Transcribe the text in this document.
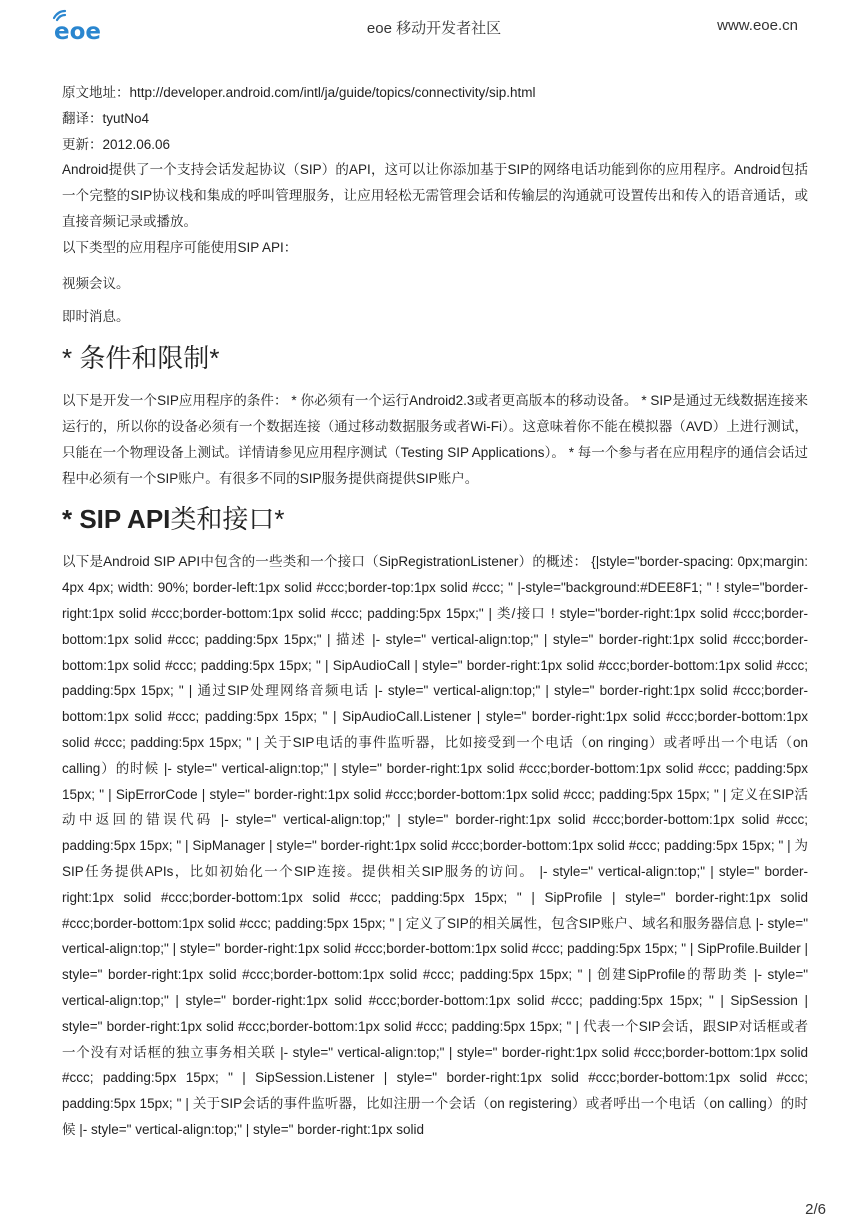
eoe	eoe 移动开发者社区	www.eoe.cn

原文地址：http://developer.android.com/intl/ja/guide/topics/connectivity/sip.html

翻译：tyutNo4

更新：2012.06.06

Android提供了一个支持会话发起协议（SIP）的API，这可以让你添加基于SIP的网络电话功能到你的应用程序。Android包括一个完整的SIP协议栈和集成的呼叫管理服务，让应用轻松无需管理会话和传输层的沟通就可设置传出和传入的语音通话，或直接音频记录或播放。

以下类型的应用程序可能使用SIP API：

视频会议。

即时消息。

* 条件和限制*

以下是开发一个SIP应用程序的条件： * 你必须有一个运行Android2.3或者更高版本的移动设备。 * SIP是通过无线数据连接来运行的，所以你的设备必须有一个数据连接（通过移动数据服务或者Wi-Fi）。这意味着你不能在模拟器（AVD）上进行测试，只能在一个物理设备上测试。详情请参见应用程序测试（Testing SIP Applications）。 * 每一个参与者在应用程序的通信会话过程中必须有一个SIP账户。有很多不同的SIP服务提供商提供SIP账户。

* SIP API类和接口*

以下是Android SIP API中包含的一些类和一个接口（SipRegistrationListener）的概述： {|style="border-spacing: 0px;margin: 4px 4px; width: 90%; border-left:1px solid #ccc;border-top:1px solid #ccc; " |-style="background:#DEE8F1; " ! style="border-right:1px solid #ccc;border-bottom:1px solid #ccc; padding:5px 15px;" | 类/接口 ! style="border-right:1px solid #ccc;border-bottom:1px solid #ccc; padding:5px 15px;" | 描述 |- style=" vertical-align:top;" | style=" border-right:1px solid #ccc;border-bottom:1px solid #ccc; padding:5px 15px; " | SipAudioCall | style=" border-right:1px solid #ccc;border-bottom:1px solid #ccc; padding:5px 15px; " | 通过SIP处理网络音频电话 |- style=" vertical-align:top;" | style=" border-right:1px solid #ccc;border-bottom:1px solid #ccc; padding:5px 15px; " | SipAudioCall.Listener | style=" border-right:1px solid #ccc;border-bottom:1px solid #ccc; padding:5px 15px; " | 关于SIP电话的事件监听器，比如接受到一个电话（on ringing）或者呼出一个电话（on calling）的时候 |- style=" vertical-align:top;" | style=" border-right:1px solid #ccc;border-bottom:1px solid #ccc; padding:5px 15px; " | SipErrorCode | style=" border-right:1px solid #ccc;border-bottom:1px solid #ccc; padding:5px 15px; " | 定义在SIP活动中返回的错误代码 |- style=" vertical-align:top;" | style=" border-right:1px solid #ccc;border-bottom:1px solid #ccc; padding:5px 15px; " | SipManager | style=" border-right:1px solid #ccc;border-bottom:1px solid #ccc; padding:5px 15px; " | 为SIP任务提供APIs，比如初始化一个SIP连接。提供相关SIP服务的访问。 |- style=" vertical-align:top;" | style=" border-right:1px solid #ccc;border-bottom:1px solid #ccc; padding:5px 15px; " | SipProfile | style=" border-right:1px solid #ccc;border-bottom:1px solid #ccc; padding:5px 15px; " | 定义了SIP的相关属性，包含SIP账户、域名和服务器信息 |- style=" vertical-align:top;" | style=" border-right:1px solid #ccc;border-bottom:1px solid #ccc; padding:5px 15px; " | SipProfile.Builder | style=" border-right:1px solid #ccc;border-bottom:1px solid #ccc; padding:5px 15px; " | 创建SipProfile的帮助类 |- style=" vertical-align:top;" | style=" border-right:1px solid #ccc;border-bottom:1px solid #ccc; padding:5px 15px; " | SipSession | style=" border-right:1px solid #ccc;border-bottom:1px solid #ccc; padding:5px 15px; " | 代表一个SIP会话，跟SIP对话框或者一个没有对话框的独立事务相关联 |- style=" vertical-align:top;" | style=" border-right:1px solid #ccc;border-bottom:1px solid #ccc; padding:5px 15px; " | SipSession.Listener | style=" border-right:1px solid #ccc;border-bottom:1px solid #ccc; padding:5px 15px; " | 关于SIP会话的事件监听器，比如注册一个会话（on registering）或者呼出一个电话（on calling）的时候 |- style=" vertical-align:top;" | style=" border-right:1px solid

2/6
